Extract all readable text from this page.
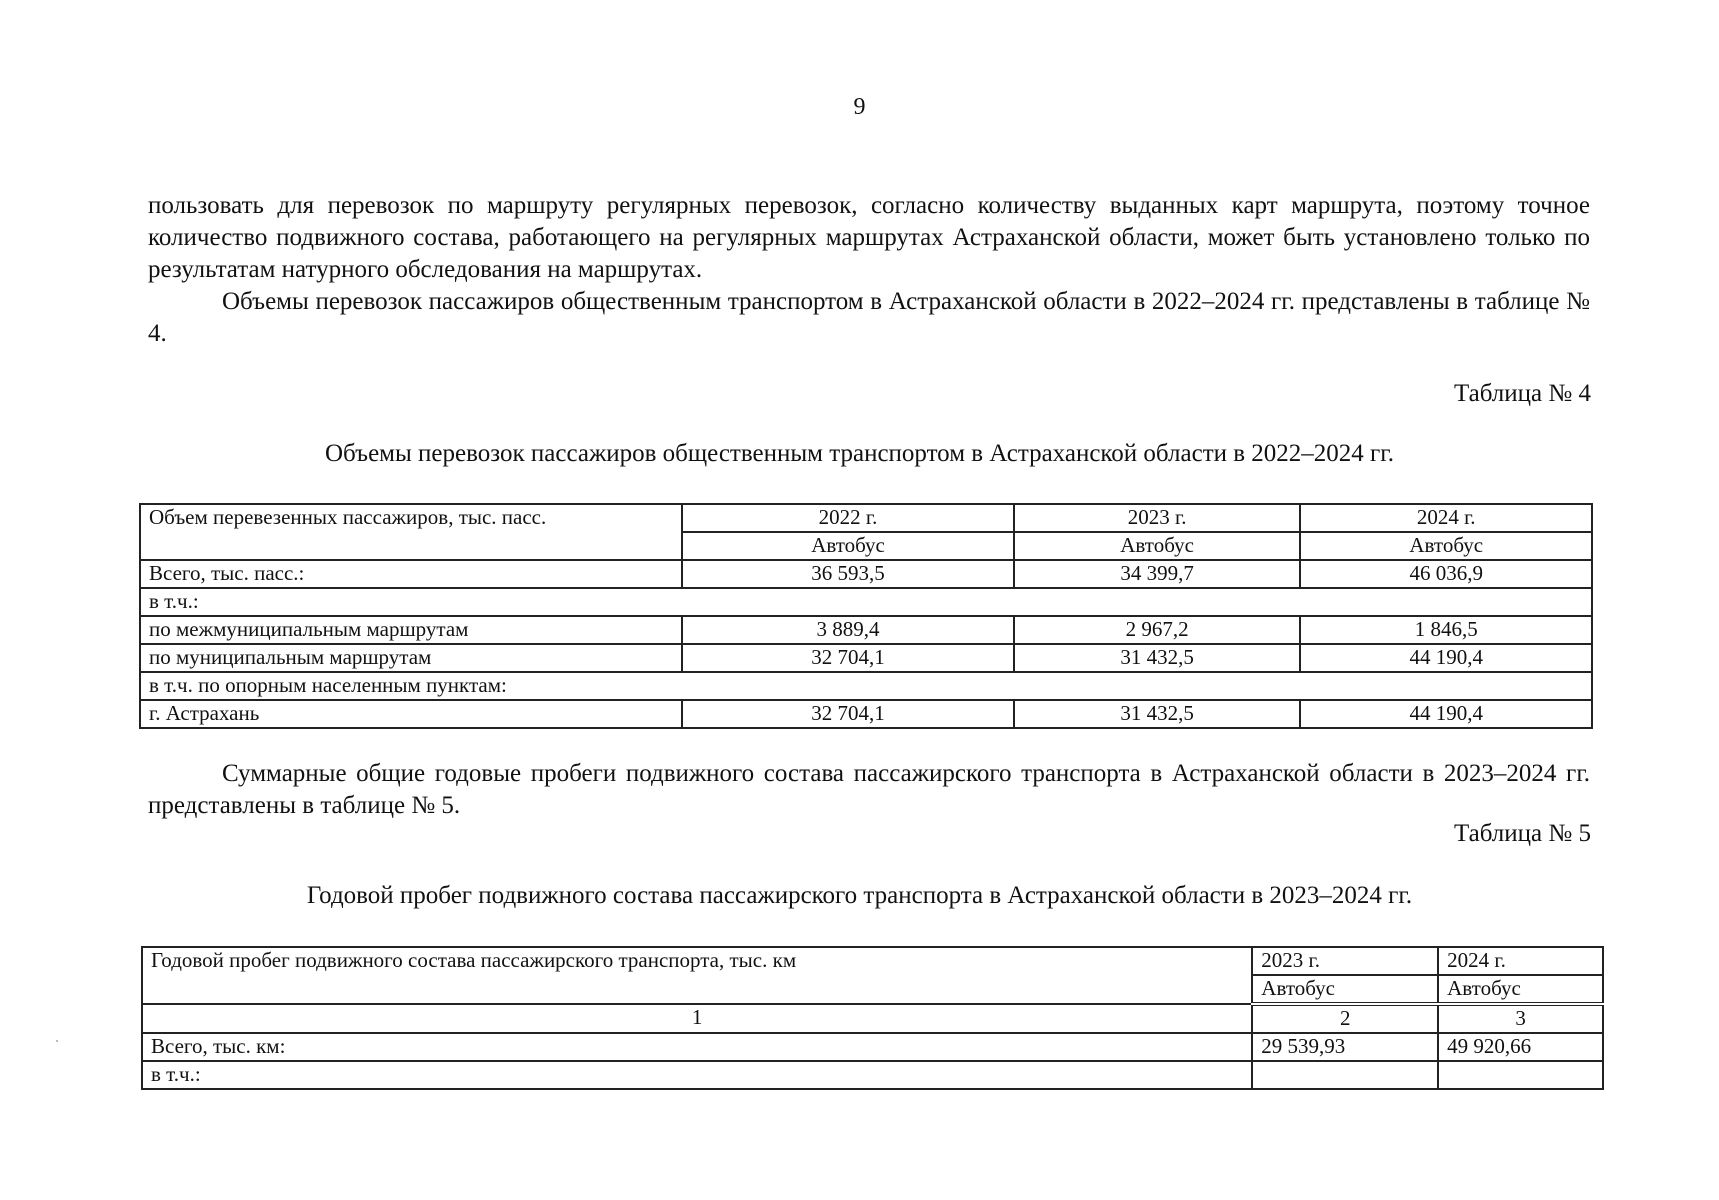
9

пользовать для перевозок по маршруту регулярных перевозок, согласно количеству выданных карт маршрута, поэтому точное количество подвижного состава, работающего на регулярных маршрутах Астраханской области, может быть установлено только по результатам натурного обследования на маршрутах.

Объемы перевозок пассажиров общественным транспортом в Астраханской области в 2022–2024 гг. представлены в таблице № 4.

Таблица № 4
Объемы перевозок пассажиров общественным транспортом в Астраханской области в 2022–2024 гг.
Объем перевезенных пассажиров, тыс. пасс.	2022 г.	2023 г.	2024 г.
	Автобус	Автобус	Автобус
Всего, тыс. пасс.:	36 593,5	34 399,7	46 036,9
в т.ч.:			
по межмуниципальным маршрутам	3 889,4	2 967,2	1 846,5
по муниципальным маршрутам	32 704,1	31 432,5	44 190,4
в т.ч. по опорным населенным пунктам:			
г. Астрахань	32 704,1	31 432,5	44 190,4

Суммарные общие годовые пробеги подвижного состава пассажирского транспорта в Астраханской области в 2023–2024 гг. представлены в таблице № 5.

Таблица № 5
Годовой пробег подвижного состава пассажирского транспорта в Астраханской области в 2023–2024 гг.
Годовой пробег подвижного состава пассажирского транспорта, тыс. км	2023 г.	2024 г.
	Автобус	Автобус
1	2	3
Всего, тыс. км:	29 539,93	49 920,66
в т.ч.:		
